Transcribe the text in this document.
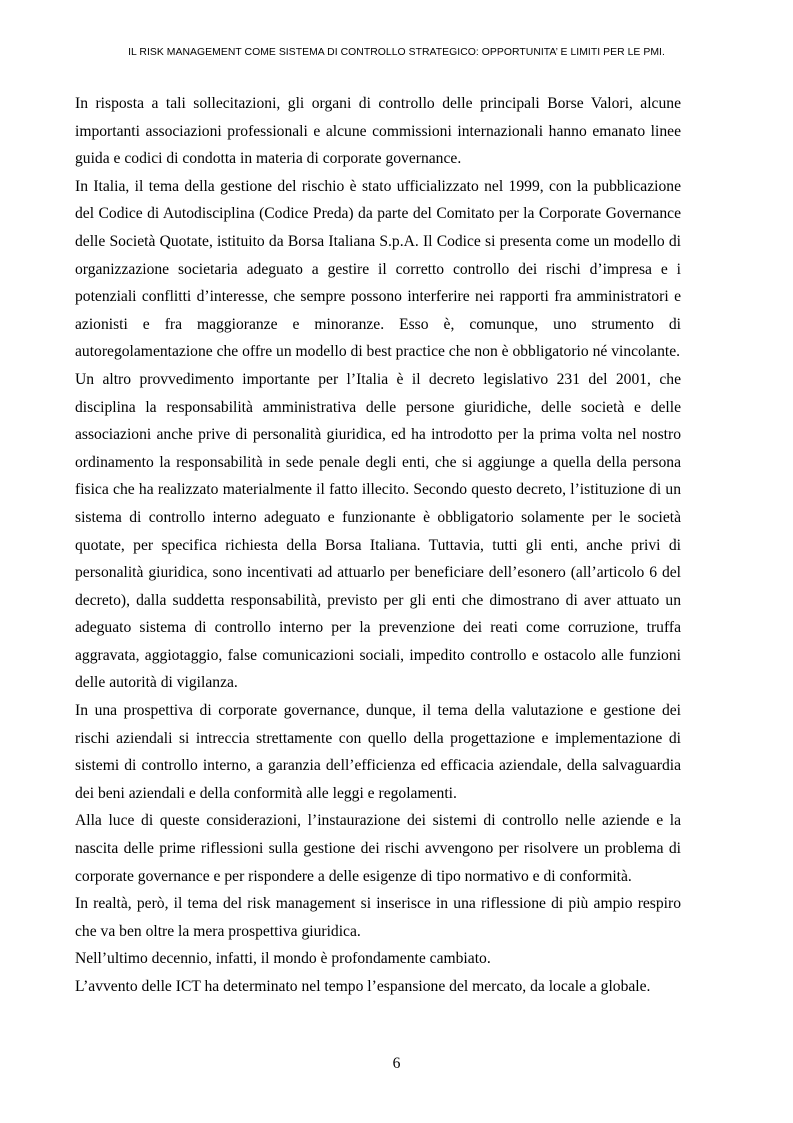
IL RISK MANAGEMENT COME SISTEMA DI CONTROLLO STRATEGICO: OPPORTUNITA’ E LIMITI PER LE PMI.

In risposta a tali sollecitazioni, gli organi di controllo delle principali Borse Valori, alcune importanti associazioni professionali e alcune commissioni internazionali hanno emanato linee guida e codici di condotta in materia di corporate governance.

In Italia, il tema della gestione del rischio è stato ufficializzato nel 1999, con la pubblicazione del Codice di Autodisciplina (Codice Preda) da parte del Comitato per la Corporate Governance delle Società Quotate, istituito da Borsa Italiana S.p.A. Il Codice si presenta come un modello di organizzazione societaria adeguato a gestire il corretto controllo dei rischi d’impresa e i potenziali conflitti d’interesse, che sempre possono interferire nei rapporti fra amministratori e azionisti e fra maggioranze e minoranze. Esso è, comunque, uno strumento di autoregolamentazione che offre un modello di best practice che non è obbligatorio né vincolante.

Un altro provvedimento importante per l’Italia è il decreto legislativo 231 del 2001, che disciplina la responsabilità amministrativa delle persone giuridiche, delle società e delle associazioni anche prive di personalità giuridica, ed ha introdotto per la prima volta nel nostro ordinamento la responsabilità in sede penale degli enti, che si aggiunge a quella della persona fisica che ha realizzato materialmente il fatto illecito. Secondo questo decreto, l’istituzione di un sistema di controllo interno adeguato e funzionante è obbligatorio solamente per le società quotate, per specifica richiesta della Borsa Italiana. Tuttavia, tutti gli enti, anche privi di personalità giuridica, sono incentivati ad attuarlo per beneficiare dell’esonero (all’articolo 6 del decreto), dalla suddetta responsabilità, previsto per gli enti che dimostrano di aver attuato un adeguato sistema di controllo interno per la prevenzione dei reati come corruzione, truffa aggravata, aggiotaggio, false comunicazioni sociali, impedito controllo e ostacolo alle funzioni delle autorità di vigilanza.

In una prospettiva di corporate governance, dunque, il tema della valutazione e gestione dei rischi aziendali si intreccia strettamente con quello della progettazione e implementazione di sistemi di controllo interno, a garanzia dell’efficienza ed efficacia aziendale, della salvaguardia dei beni aziendali e della conformità alle leggi e regolamenti.

Alla luce di queste considerazioni, l’instaurazione dei sistemi di controllo nelle aziende e la nascita delle prime riflessioni sulla gestione dei rischi avvengono per risolvere un problema di corporate governance e per rispondere a delle esigenze di tipo normativo e di conformità.

In realtà, però, il tema del risk management si inserisce in una riflessione di più ampio respiro che va ben oltre la mera prospettiva giuridica.

Nell’ultimo decennio, infatti, il mondo è profondamente cambiato.

L’avvento delle ICT ha determinato nel tempo l’espansione del mercato, da locale a globale.

6
